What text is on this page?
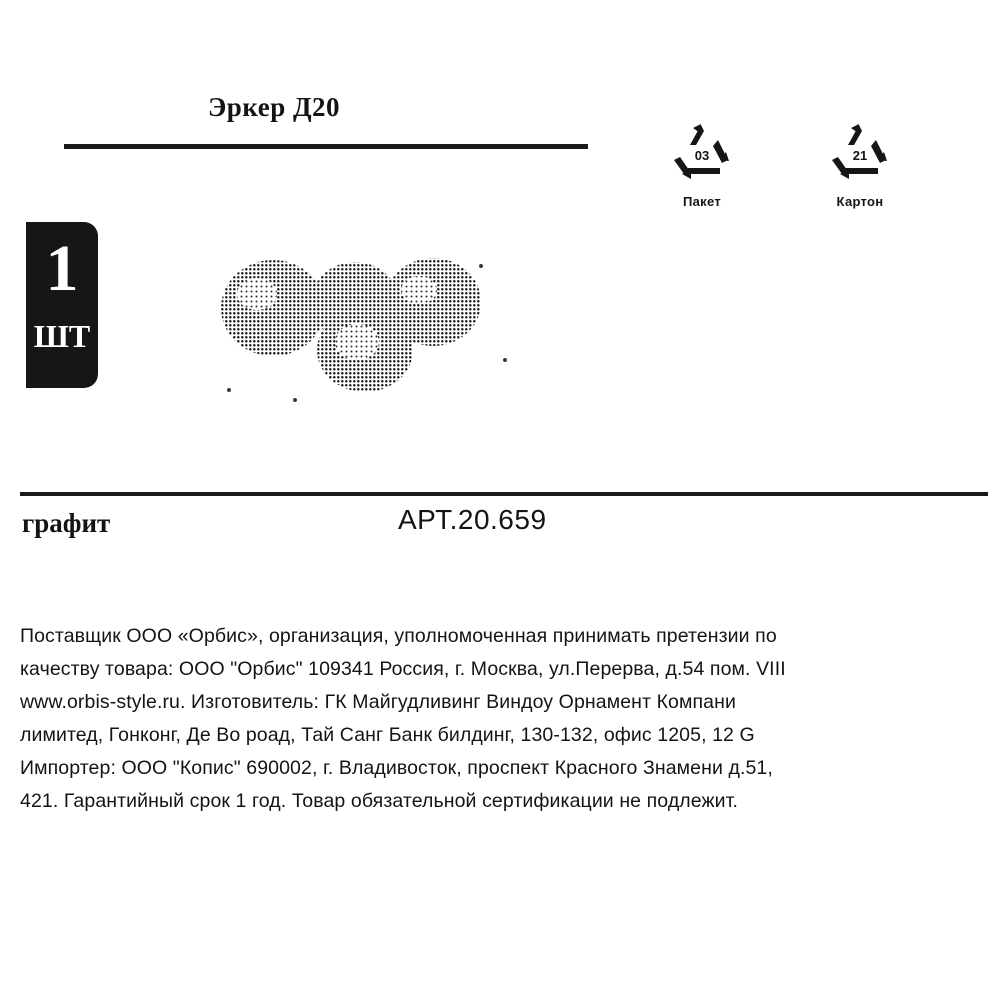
Эркер Д20
03
Пакет
21
Картон
1
ШТ
графит	АРТ.20.659
Поставщик ООО «Орбис», организация, уполномоченная принимать претензии по
качеству товара: ООО "Орбис" 109341 Россия, г. Москва, ул.Перерва, д.54 пом. VIII
www.orbis-style.ru. Изготовитель: ГК Майгудливинг Виндоу Орнамент Компани
лимитед, Гонконг, Де Во роад, Тай Санг Банк билдинг, 130-132, офис 1205, 12 G
Импортер: ООО "Копис" 690002, г. Владивосток, проспект Красного Знамени д.51,
421. Гарантийный срок 1 год. Товар обязательной сертификации не подлежит.
